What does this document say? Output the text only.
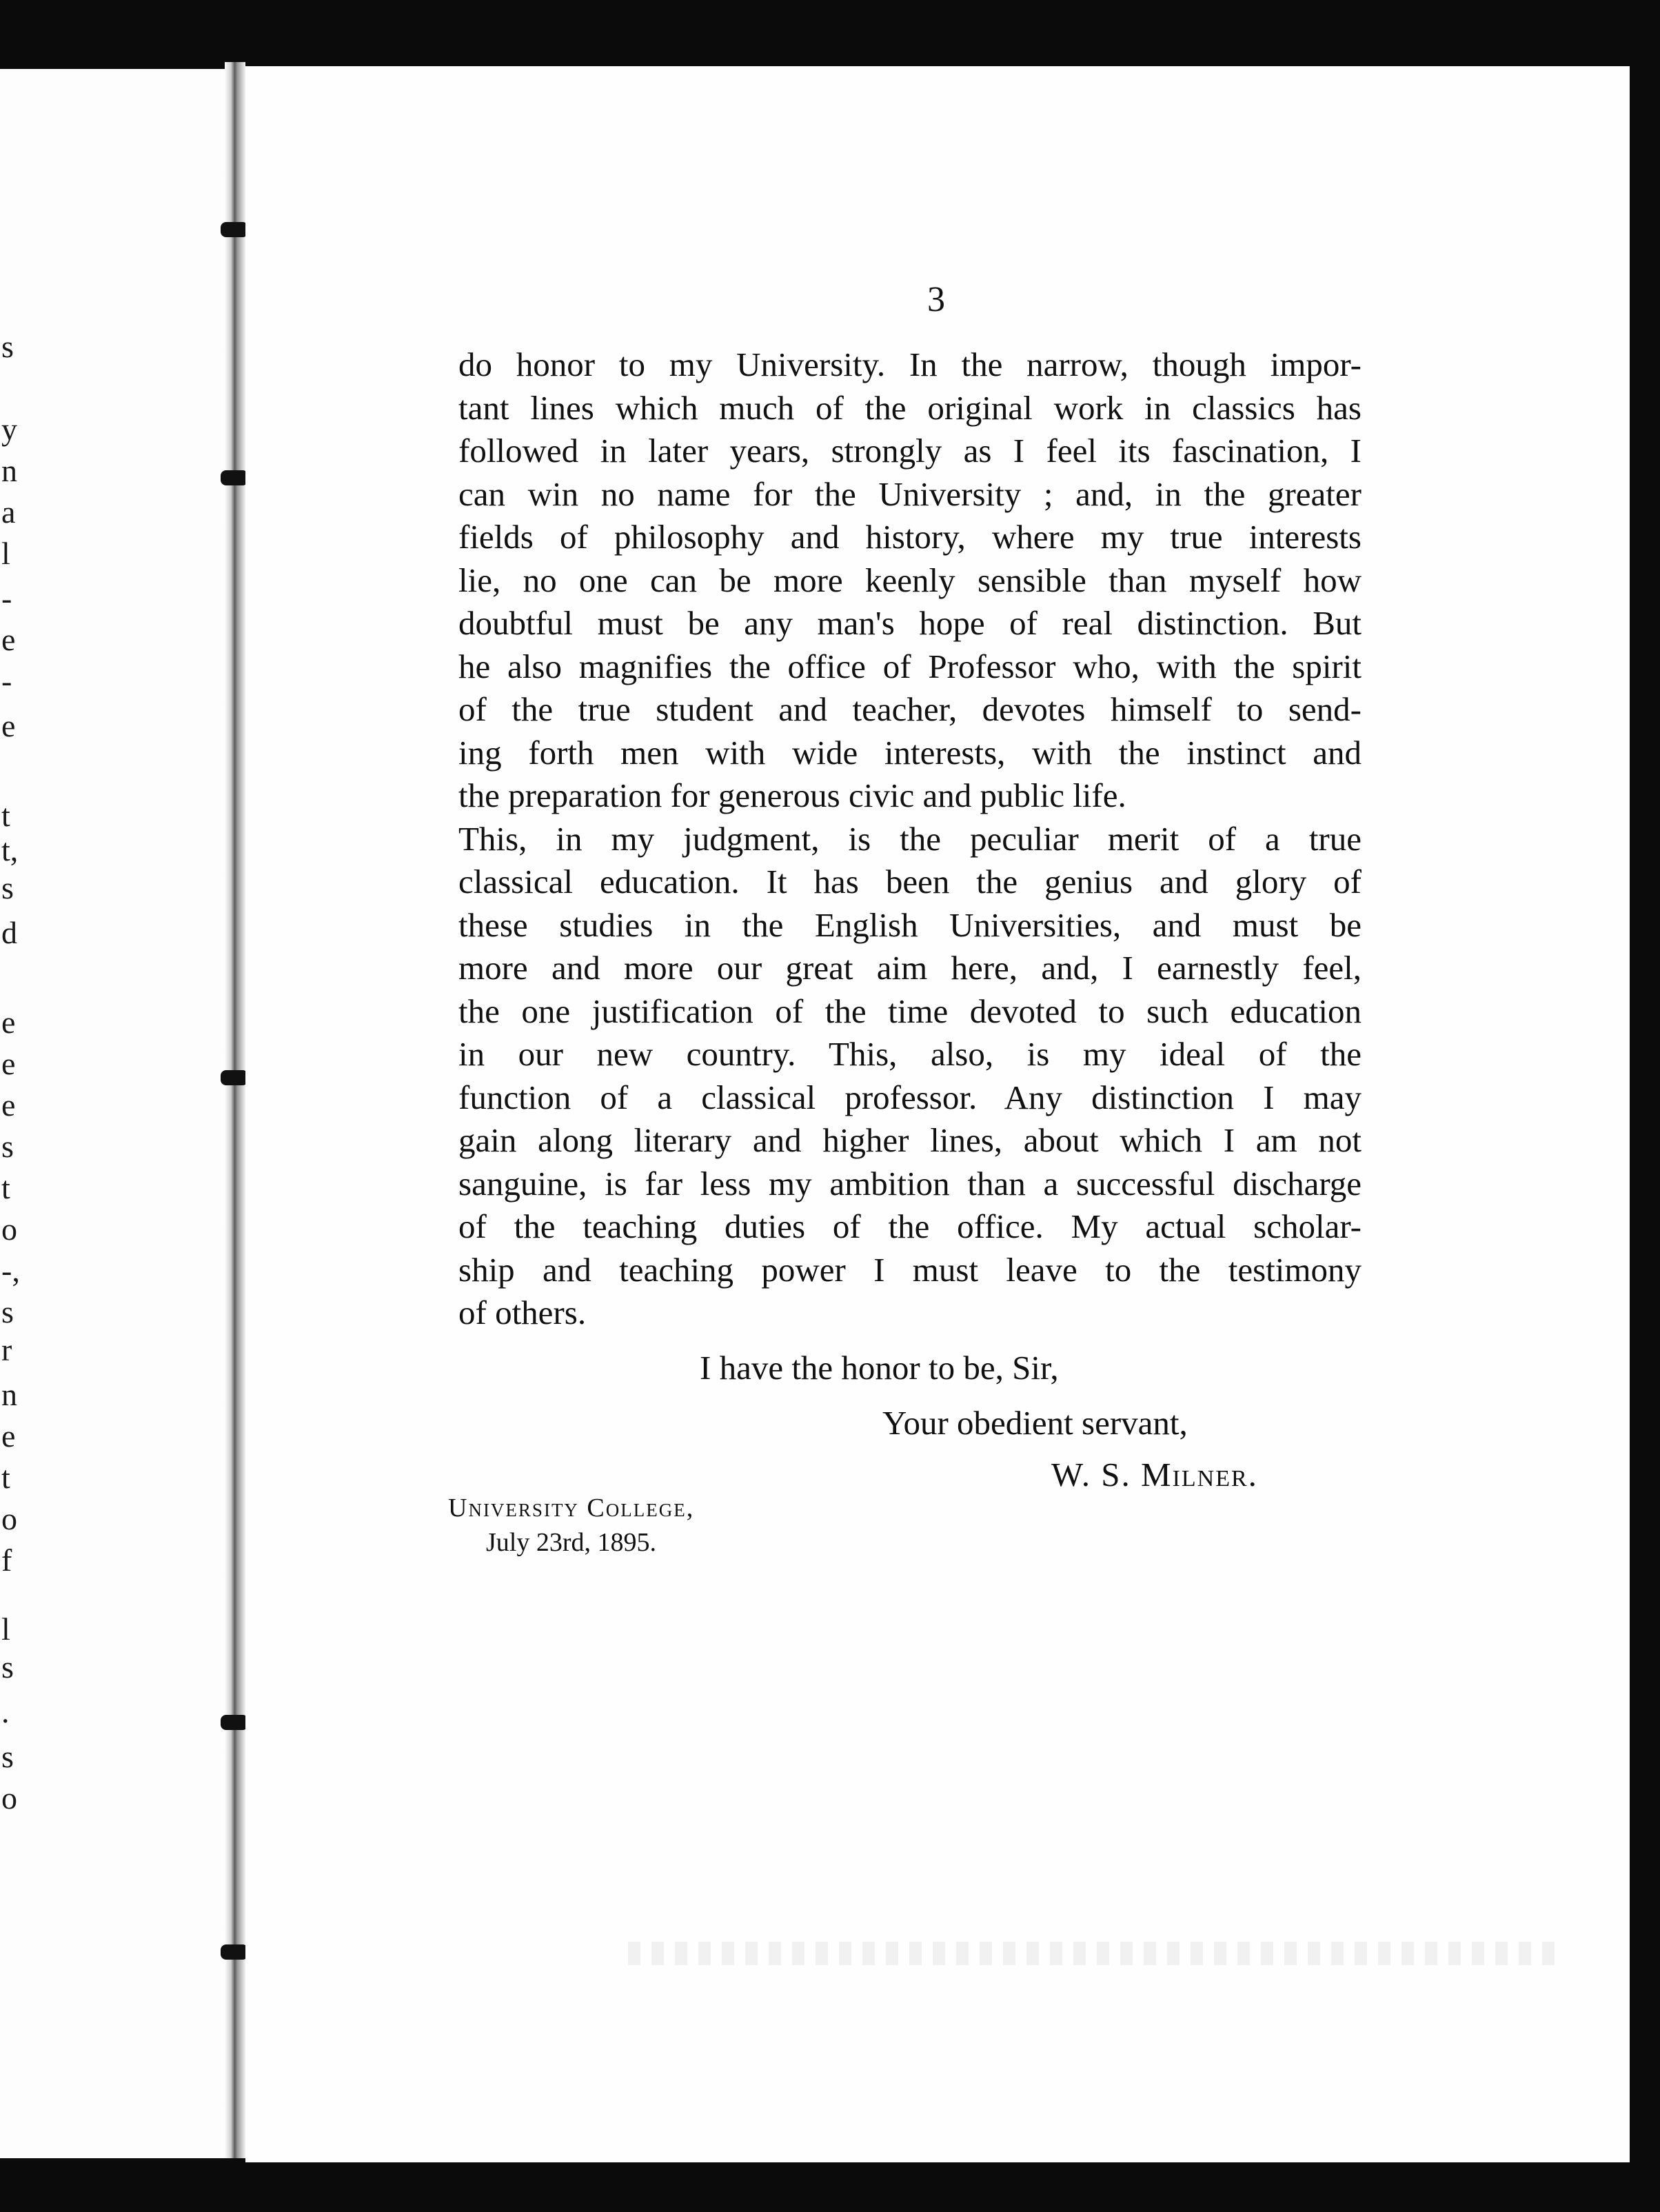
s
y
n
a
l
-
e
-
e
t
t,
s
d
e
e
e
s
t
o
-,
s
r
n
e
t
o
f
l
s
.
s
o
3
do honor to my University. In the narrow, though impor-
tant lines which much of the original work in classics has
followed in later years, strongly as I feel its fascination, I
can win no name for the University ; and, in the greater
fields of philosophy and history, where my true interests
lie, no one can be more keenly sensible than myself how
doubtful must be any man's hope of real distinction. But
he also magnifies the office of Professor who, with the spirit
of the true student and teacher, devotes himself to send-
ing forth men with wide interests, with the instinct and
the preparation for generous civic and public life.
This, in my judgment, is the peculiar merit of a true
classical education. It has been the genius and glory of
these studies in the English Universities, and must be
more and more our great aim here, and, I earnestly feel,
the one justification of the time devoted to such education
in our new country. This, also, is my ideal of the
function of a classical professor. Any distinction I may
gain along literary and higher lines, about which I am not
sanguine, is far less my ambition than a successful discharge
of the teaching duties of the office. My actual scholar-
ship and teaching power I must leave to the testimony
of others.
I have the honor to be, Sir,
Your obedient servant,
W. S. Milner.
University College,
July 23rd, 1895.
